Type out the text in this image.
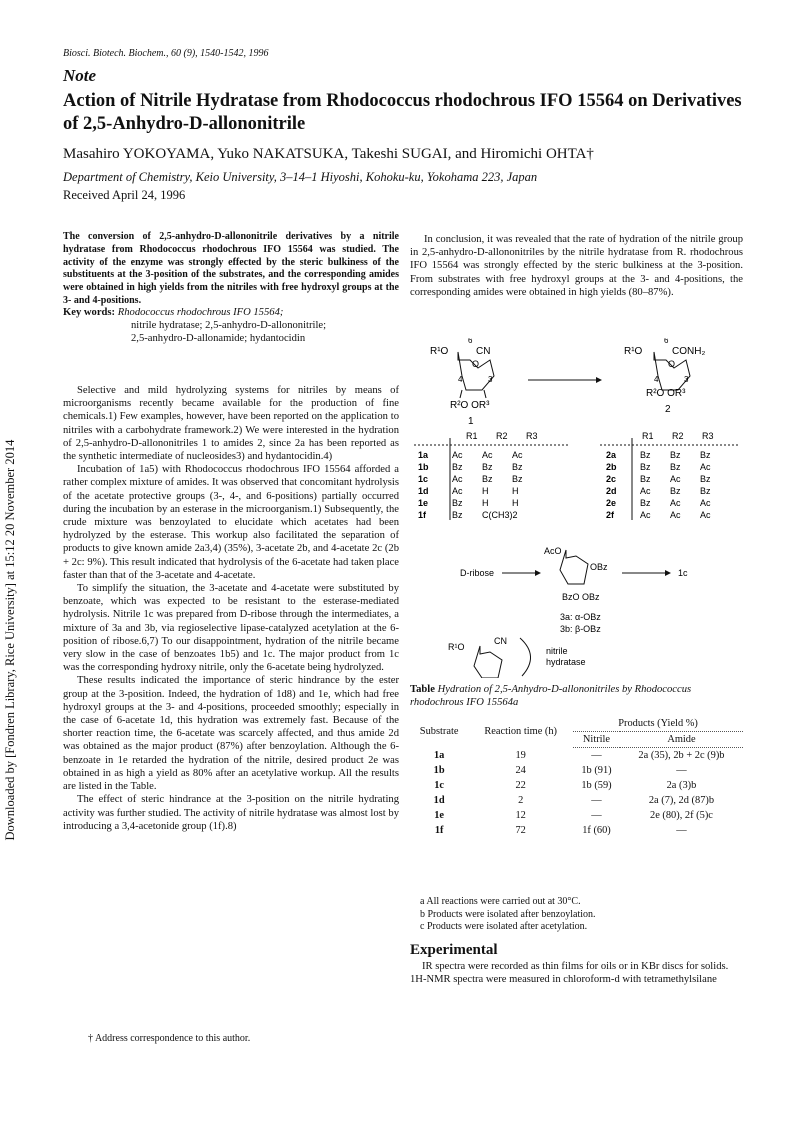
Biosci. Biotech. Biochem., 60 (9), 1540-1542, 1996
Note
Action of Nitrile Hydratase from Rhodococcus rhodochrous IFO 15564 on Derivatives of 2,5-Anhydro-D-allononitrile
Masahiro YOKOYAMA, Yuko NAKATSUKA, Takeshi SUGAI, and Hiromichi OHTA†
Department of Chemistry, Keio University, 3–14–1 Hiyoshi, Kohoku-ku, Yokohama 223, Japan
Received April 24, 1996
The conversion of 2,5-anhydro-D-allononitrile derivatives by a nitrile hydratase from Rhodococcus rhodochrous IFO 15564 was studied. The activity of the enzyme was strongly effected by the steric bulkiness of the substituents at the 3-position of the substrates, and the corresponding amides were obtained in high yields from the nitriles with free hydroxyl groups at the 3- and 4-positions.
Key words: Rhodococcus rhodochrous IFO 15564;
nitrile hydratase; 2,5-anhydro-D-allononitrile;
2,5-anhydro-D-allonamide; hydantocidin

Selective and mild hydrolyzing systems for nitriles by means of microorganisms recently became available for the production of fine chemicals.1) Few examples, however, have been reported on the application to nitriles with a carbohydrate framework.2) We were interested in the hydration of 2,5-anhydro-D-allononitriles 1 to amides 2, since 2a has been reported as the synthetic intermediate of nucleosides3) and hydantocidin.4)

Incubation of 1a5) with Rhodococcus rhodochrous IFO 15564 afforded a rather complex mixture of amides. It was observed that concomitant hydrolysis of the acetate protective groups (3-, 4-, and 6-positions) partially occurred during the incubation by an esterase in the microorganism.1) Subsequently, the crude mixture was benzoylated to elucidate which acetates had been hydrolyzed by the esterase. This workup also facilitated the separation of products to give known amide 2a3,4) (35%), 3-acetate 2b, and 4-acetate 2c (2b + 2c: 9%). This result indicated that hydrolysis of the 6-acetate had taken place faster than that of the 3-acetate and 4-acetate.

To simplify the situation, the 3-acetate and 4-acetate were substituted by benzoate, which was expected to be resistant to the esterase-mediated hydrolysis. Nitrile 1c was prepared from D-ribose through the intermediates, a mixture of 3a and 3b, via regioselective lipase-catalyzed acetylation at the 6-position of ribose.6,7) To our disappointment, hydration of the nitrile became very slow in the case of benzoates 1b5) and 1c. The major product from 1c was the corresponding hydroxy nitrile, only the 6-acetate being hydrolyzed.

These results indicated the importance of steric hindrance by the ester group at the 3-position. Indeed, the hydration of 1d8) and 1e, which had free hydroxyl groups at the 3- and 4-positions, proceeded smoothly; especially in the case of 6-acetate 1d, this hydration was extremely fast. Because of the shorter reaction time, the 6-acetate was scarcely affected, and thus amide 2d was obtained as the major product (87%) after benzoylation. Although the 6-benzoate in 1e retarded the hydration of the nitrile, desired product 2e was obtained in as high a yield as 80% after an acetylative workup. All the results are listed in the Table.

The effect of steric hindrance at the 3-position on the nitrile hydrating activity was further studied. The activity of nitrile hydratase was almost lost by introducing a 3,4-acetonide group (1f).8)

† Address correspondence to this author.

In conclusion, it was revealed that the rate of hydration of the nitrile group in 2,5-anhydro-D-allononitriles by the nitrile hydratase from R. rhodochrous IFO 15564 was strongly effected by the steric bulkiness at the 3-position. From substrates with free hydroxyl groups at the 3- and 4-positions, the corresponding amides were obtained in high yields (80–87%).

Downloaded by [Fondren Library, Rice University] at 15:12 20 November 2014
R¹O	CN
6
O
4	3
R²O OR³
1
R¹O	CONH₂
6
O
4	3
R²O OR³
2
R1 R2 R3
1a	Ac Ac Ac
1b	Bz Bz Bz
1c	Ac Bz Bz
1d	Ac H	H
1e	Bz H	H
1f	Bz C(CH3)2
R1 R2 R3
2a	Bz Bz Bz
2b	Bz Bz Ac
2c	Bz Ac Bz
2d	Ac Bz Bz
2e	Bz Ac Ac
2f	Ac Ac Ac
D-ribose
AcO
OBz
BzO OBz
3a: α-OBz
3b: β-OBz
1c
R¹O
CN
nitrile
hydratase
Table Hydration of 2,5-Anhydro-D-allononitriles by Rhodococcus rhodochrous IFO 15564a
Substrate	Reaction time (h)	Products (Yield %)	
		Nitrile	Amide
1a	19	—	2a (35), 2b + 2c (9)b
1b	24	1b (91)	—
1c	22	1b (59)	2a (3)b
1d	2	—	2a (7), 2d (87)b
1e	12	—	2e (80), 2f (5)c
1f	72	1f (60)	—
a All reactions were carried out at 30°C.
b Products were isolated after benzoylation.
c Products were isolated after acetylation.
Experimental

IR spectra were recorded as thin films for oils or in KBr discs for solids. 1H-NMR spectra were measured in chloroform-d with tetramethylsilane
